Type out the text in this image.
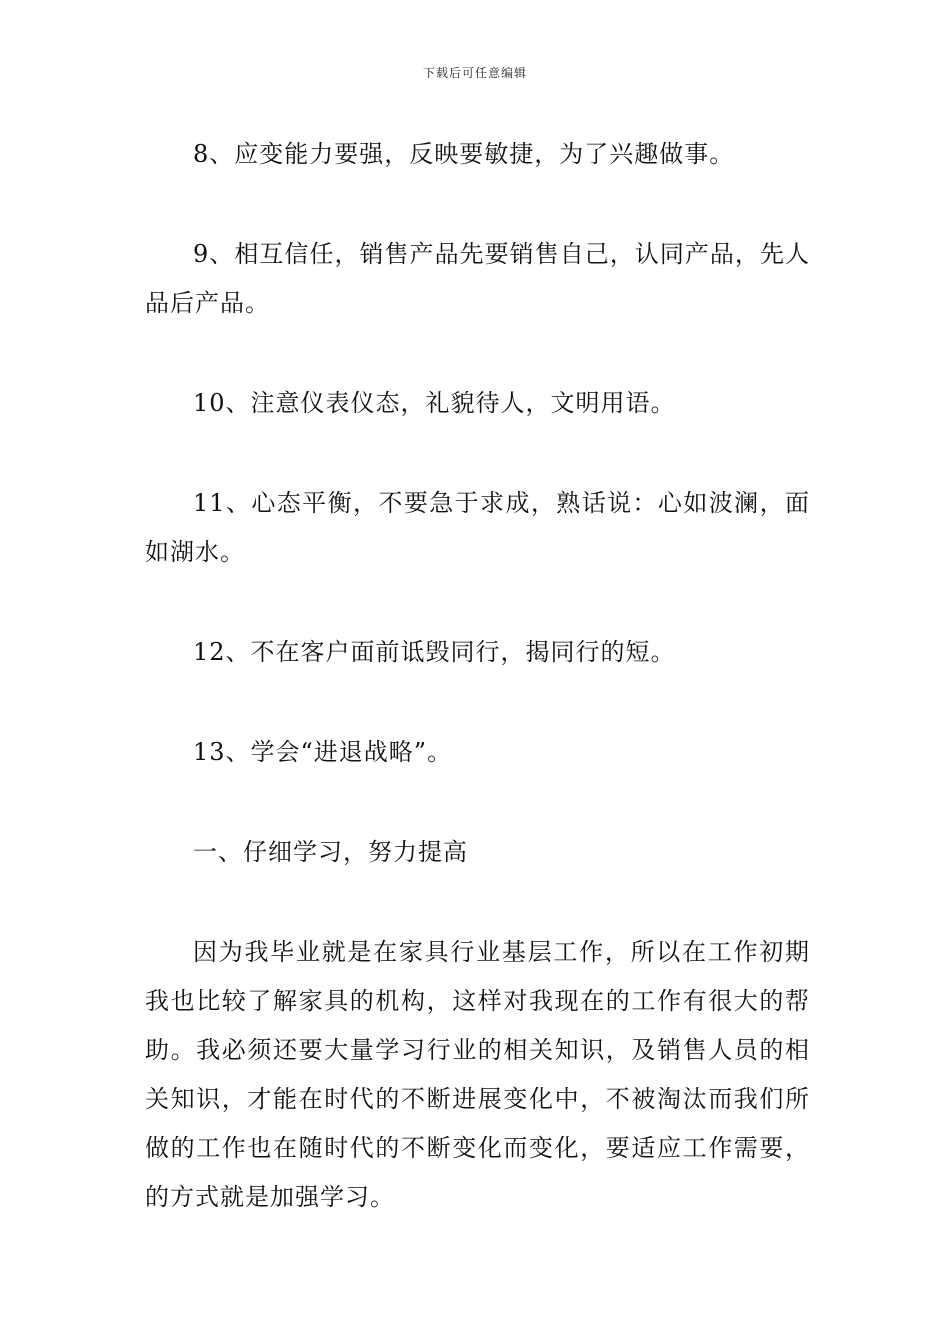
下载后可任意编辑

8、应变能力要强，反映要敏捷，为了兴趣做事。

9、相互信任，销售产品先要销售自己，认同产品，先人品后产品。

10、注意仪表仪态，礼貌待人，文明用语。

11、心态平衡，不要急于求成，熟话说：心如波澜，面如湖水。

12、不在客户面前诋毁同行，揭同行的短。

13、学会“进退战略”。

一、仔细学习，努力提高

因为我毕业就是在家具行业基层工作，所以在工作初期我也比较了解家具的机构，这样对我现在的工作有很大的帮助。我必须还要大量学习行业的相关知识，及销售人员的相关知识，才能在时代的不断进展变化中，不被淘汰而我们所做的工作也在随时代的不断变化而变化，要适应工作需要，的方式就是加强学习。
